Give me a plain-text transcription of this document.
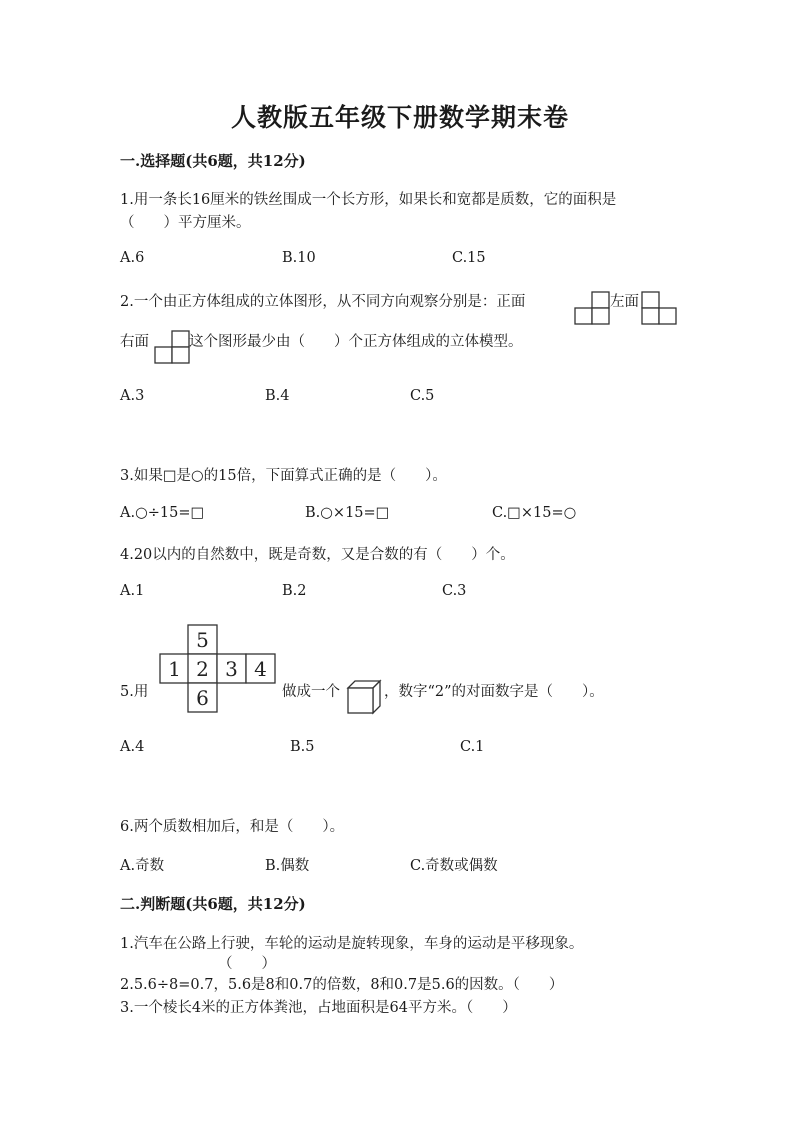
人教版五年级下册数学期末卷
一.选择题(共6题，共12分)
1.用一条长16厘米的铁丝围成一个长方形，如果长和宽都是质数，它的面积是
（　　）平方厘米。
A.6	B.10	C.15
2.一个由正方体组成的立体图形，从不同方向观察分别是：正面	左面
右面	这个图形最少由（　　）个正方体组成的立体模型。
A.3	B.4	C.5
3.如果□是○的15倍，下面算式正确的是（　　）。
A.○÷15=□	B.○×15=□	C.□×15=○
4.20以内的自然数中，既是奇数，又是合数的有（　　）个。
A.1	B.2	C.3
5.用
5
1 2 3 4
6	做成一个	，数字“2”的对面数字是（　　）。
A.4	B.5	C.1
6.两个质数相加后，和是（　　）。
A.奇数	B.偶数	C.奇数或偶数
二.判断题(共6题，共12分)
1.汽车在公路上行驶，车轮的运动是旋转现象，车身的运动是平移现象。
（　　）
2.5.6÷8=0.7，5.6是8和0.7的倍数，8和0.7是5.6的因数。（　　）
3.一个棱长4米的正方体粪池，占地面积是64平方米。（　　）
